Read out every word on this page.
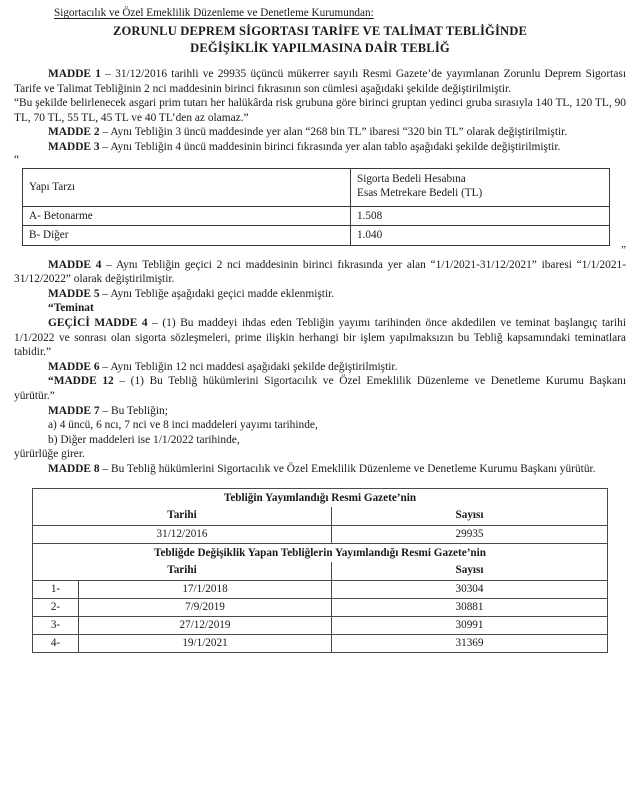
Sigortacılık ve Özel Emeklilik Düzenleme ve Denetleme Kurumundan:
ZORUNLU DEPREM SİGORTASI TARİFE VE TALİMAT TEBLİĞİNDE
DEĞİŞİKLİK YAPILMASINA DAİR TEBLİĞ

MADDE 1 – 31/12/2016 tarihli ve 29935 üçüncü mükerrer sayılı Resmi Gazete’de yayımlanan Zorunlu Deprem Sigortası Tarife ve Talimat Tebliğinin 2 nci maddesinin birinci fıkrasının son cümlesi aşağıdaki şekilde değiştirilmiştir.

“Bu şekilde belirlenecek asgari prim tutarı her halükârda risk grubuna göre birinci gruptan yedinci gruba sırasıyla 140 TL, 120 TL, 90 TL, 70 TL, 55 TL, 45 TL ve 40 TL’den az olamaz.”

MADDE 2 – Aynı Tebliğin 3 üncü maddesinde yer alan “268 bin TL” ibaresi “320 bin TL” olarak değiştirilmiştir.

MADDE 3 – Aynı Tebliğin 4 üncü maddesinin birinci fıkrasında yer alan tablo aşağıdaki şekilde değiştirilmiştir.

“
Yapı Tarzı	Sigorta Bedeli Hesabına
Esas Metrekare Bedeli (TL)
A- Betonarme	1.508
B- Diğer	1.040
”

MADDE 4 – Aynı Tebliğin geçici 2 nci maddesinin birinci fıkrasında yer alan “1/1/2021-31/12/2021” ibaresi “1/1/2021-31/12/2022” olarak değiştirilmiştir.

MADDE 5 – Aynı Tebliğe aşağıdaki geçici madde eklenmiştir.

“Teminat

GEÇİCİ MADDE 4 – (1) Bu maddeyi ihdas eden Tebliğin yayımı tarihinden önce akdedilen ve teminat başlangıç tarihi 1/1/2022 ve sonrası olan sigorta sözleşmeleri, prime ilişkin herhangi bir işlem yapılmaksızın bu Tebliğ kapsamındaki teminatlara tabidir.”

MADDE 6 – Aynı Tebliğin 12 nci maddesi aşağıdaki şekilde değiştirilmiştir.

“MADDE 12 – (1) Bu Tebliğ hükümlerini Sigortacılık ve Özel Emeklilik Düzenleme ve Denetleme Kurumu Başkanı yürütür.”

MADDE 7 – Bu Tebliğin;

a) 4 üncü, 6 ncı, 7 nci ve 8 inci maddeleri yayımı tarihinde,

b) Diğer maddeleri ise 1/1/2022 tarihinde,

yürürlüğe girer.

MADDE 8 – Bu Tebliğ hükümlerini Sigortacılık ve Özel Emeklilik Düzenleme ve Denetleme Kurumu Başkanı yürütür.

Tebliğin Yayımlandığı Resmi Gazete’nin		
Tarihi		Sayısı
31/12/2016		29935
Tebliğde Değişiklik Yapan Tebliğlerin Yayımlandığı Resmi Gazete’nin		
Tarihi		Sayısı
1-	17/1/2018	30304
2-	7/9/2019	30881
3-	27/12/2019	30991
4-	19/1/2021	31369
